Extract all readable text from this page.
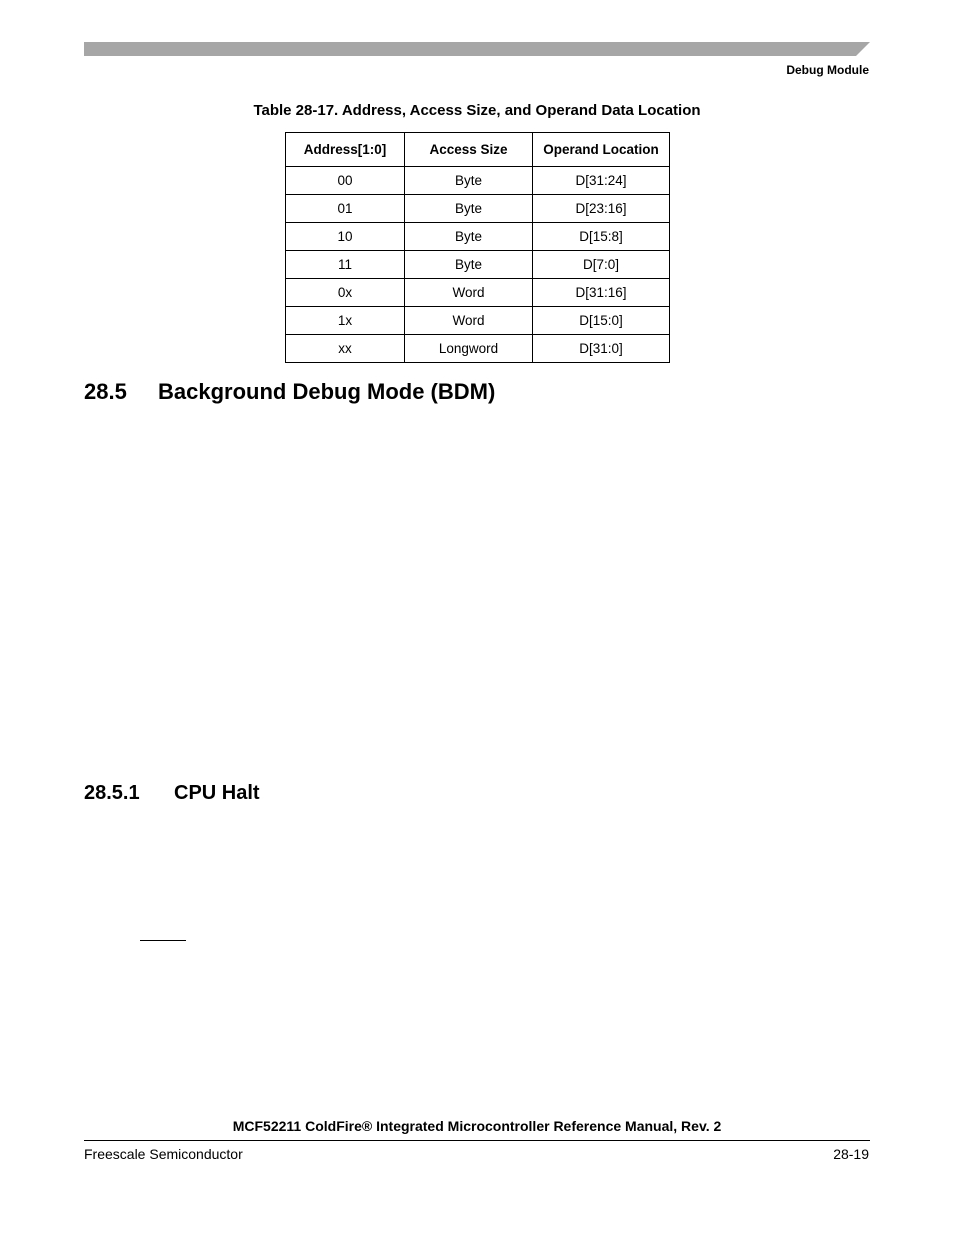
Debug Module
Table 28-17. Address, Access Size, and Operand Data Location
Address[1:0]	Access Size	Operand Location
00	Byte	D[31:24]
01	Byte	D[23:16]
10	Byte	D[15:8]
11	Byte	D[7:0]
0x	Word	D[31:16]
1x	Word	D[15:0]
xx	Longword	D[31:0]
28.5 Background Debug Mode (BDM)
28.5.1 CPU Halt
MCF52211 ColdFire® Integrated Microcontroller Reference Manual, Rev. 2
Freescale Semiconductor	28-19
